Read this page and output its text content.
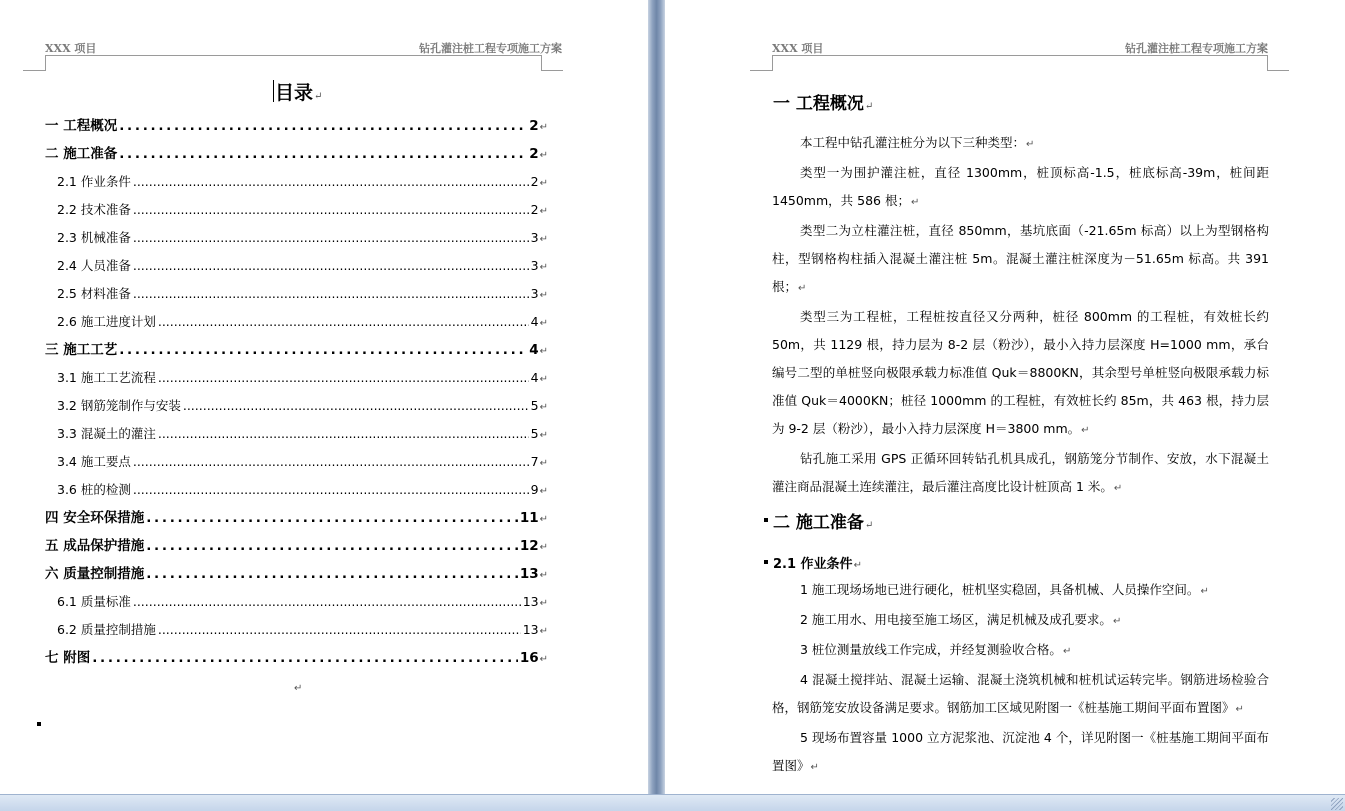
XXX 项目	钻孔灌注桩工程专项施工方案
目录↵
一 工程概况 . . .	2 ↵
二 施工准备 . . .	2 ↵
2.1 作业条件 .....	2 ↵
2.2 技术准备 .....	2 ↵
2.3 机械准备 .....	3 ↵
2.4 人员准备 .....	3 ↵
2.5 材料准备 .....	3 ↵
2.6 施工进度计划 .....	4 ↵
三 施工工艺 . . .	4 ↵
3.1 施工工艺流程 .....	4 ↵
3.2 钢筋笼制作与安装 .....	5 ↵
3.3 混凝土的灌注 .....	5 ↵
3.4 施工要点 .....	7 ↵
3.6 桩的检测 .....	9 ↵
四 安全环保措施 . . .	11 ↵
五 成品保护措施 . . .	12 ↵
六 质量控制措施 . . .	13 ↵
6.1 质量标准 .....	13 ↵
6.2 质量控制措施 .....	13 ↵
七 附图 . . .	16 ↵
↵
XXX 项目	钻孔灌注桩工程专项施工方案
一 工程概况↵

本工程中钻孔灌注桩分为以下三种类型：↵

类型一为围护灌注桩，直径 1300mm，桩顶标高-1.5，桩底标高-39m，桩间距 1450mm，共 586 根；↵

类型二为立柱灌注桩，直径 850mm，基坑底面（-21.65m 标高）以上为型钢格构柱，型钢格构柱插入混凝土灌注桩 5m。混凝土灌注桩深度为－51.65m 标高。共 391 根；↵

类型三为工程桩，工程桩按直径又分两种，桩径 800mm 的工程桩，有效桩长约 50m，共 1129 根，持力层为 8-2 层（粉沙），最小入持力层深度 H=1000 mm，承台编号二型的单桩竖向极限承载力标准值 Quk＝8800KN，其余型号单桩竖向极限承载力标准值 Quk＝4000KN；桩径 1000mm 的工程桩，有效桩长约 85m，共 463 根，持力层为 9-2 层（粉沙），最小入持力层深度 H＝3800 mm。↵

钻孔施工采用 GPS 正循环回转钻孔机具成孔，钢筋笼分节制作、安放，水下混凝土灌注商品混凝土连续灌注，最后灌注高度比设计桩顶高 1 米。↵

二 施工准备↵
2.1 作业条件↵

1 施工现场场地已进行硬化，桩机坚实稳固，具备机械、人员操作空间。↵

2 施工用水、用电接至施工场区，满足机械及成孔要求。↵

3 桩位测量放线工作完成，并经复测验收合格。↵

4 混凝土搅拌站、混凝土运输、混凝土浇筑机械和桩机试运转完毕。钢筋进场检验合格，钢筋笼安放设备满足要求。钢筋加工区域见附图一《桩基施工期间平面布置图》↵

5 现场布置容量 1000 立方泥浆池、沉淀池 4 个，详见附图一《桩基施工期间平面布置图》↵
